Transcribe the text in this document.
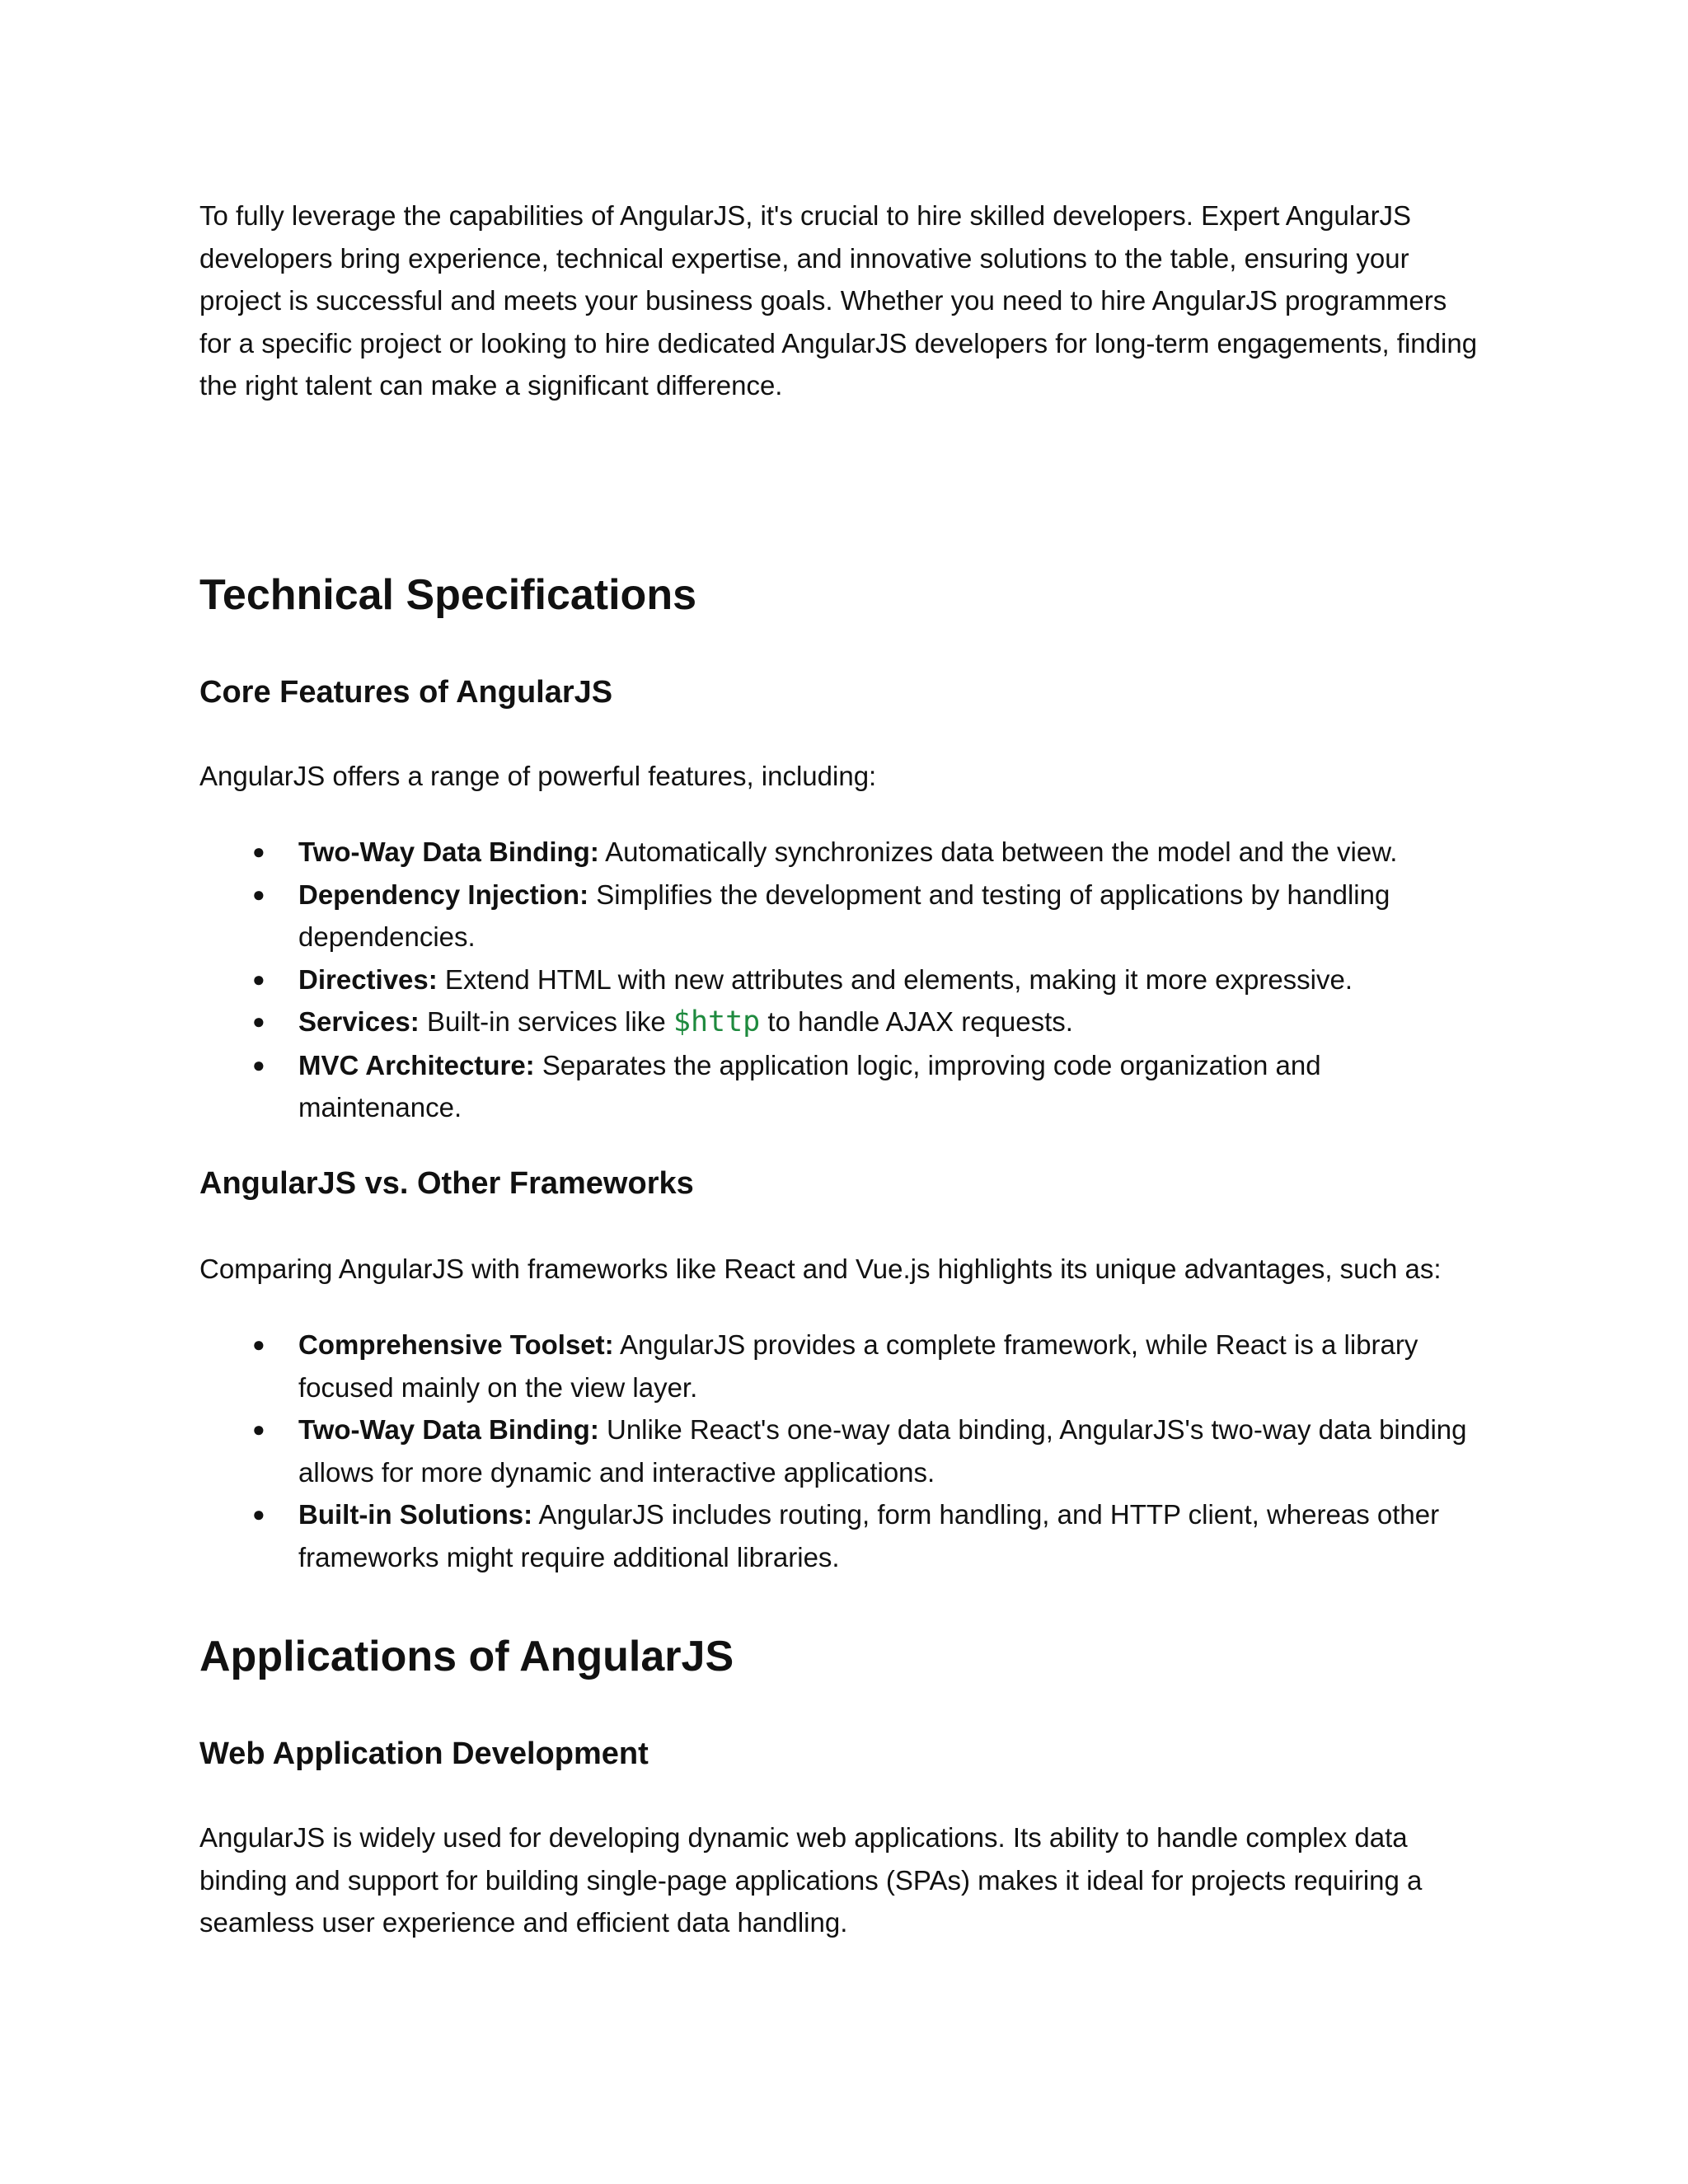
To fully leverage the capabilities of AngularJS, it's crucial to hire skilled developers. Expert AngularJS developers bring experience, technical expertise, and innovative solutions to the table, ensuring your project is successful and meets your business goals. Whether you need to hire AngularJS programmers for a specific project or looking to hire dedicated AngularJS developers for long-term engagements, finding the right talent can make a significant difference.

Technical Specifications
Core Features of AngularJS

AngularJS offers a range of powerful features, including:

● Two-Way Data Binding: Automatically synchronizes data between the model and the view.
● Dependency Injection: Simplifies the development and testing of applications by handling dependencies.
● Directives: Extend HTML with new attributes and elements, making it more expressive.
● Services: Built-in services like $http to handle AJAX requests.
● MVC Architecture: Separates the application logic, improving code organization and maintenance.
AngularJS vs. Other Frameworks

Comparing AngularJS with frameworks like React and Vue.js highlights its unique advantages, such as:

● Comprehensive Toolset: AngularJS provides a complete framework, while React is a library focused mainly on the view layer.
● Two-Way Data Binding: Unlike React's one-way data binding, AngularJS's two-way data binding allows for more dynamic and interactive applications.
● Built-in Solutions: AngularJS includes routing, form handling, and HTTP client, whereas other frameworks might require additional libraries.
Applications of AngularJS
Web Application Development

AngularJS is widely used for developing dynamic web applications. Its ability to handle complex data binding and support for building single-page applications (SPAs) makes it ideal for projects requiring a seamless user experience and efficient data handling.
